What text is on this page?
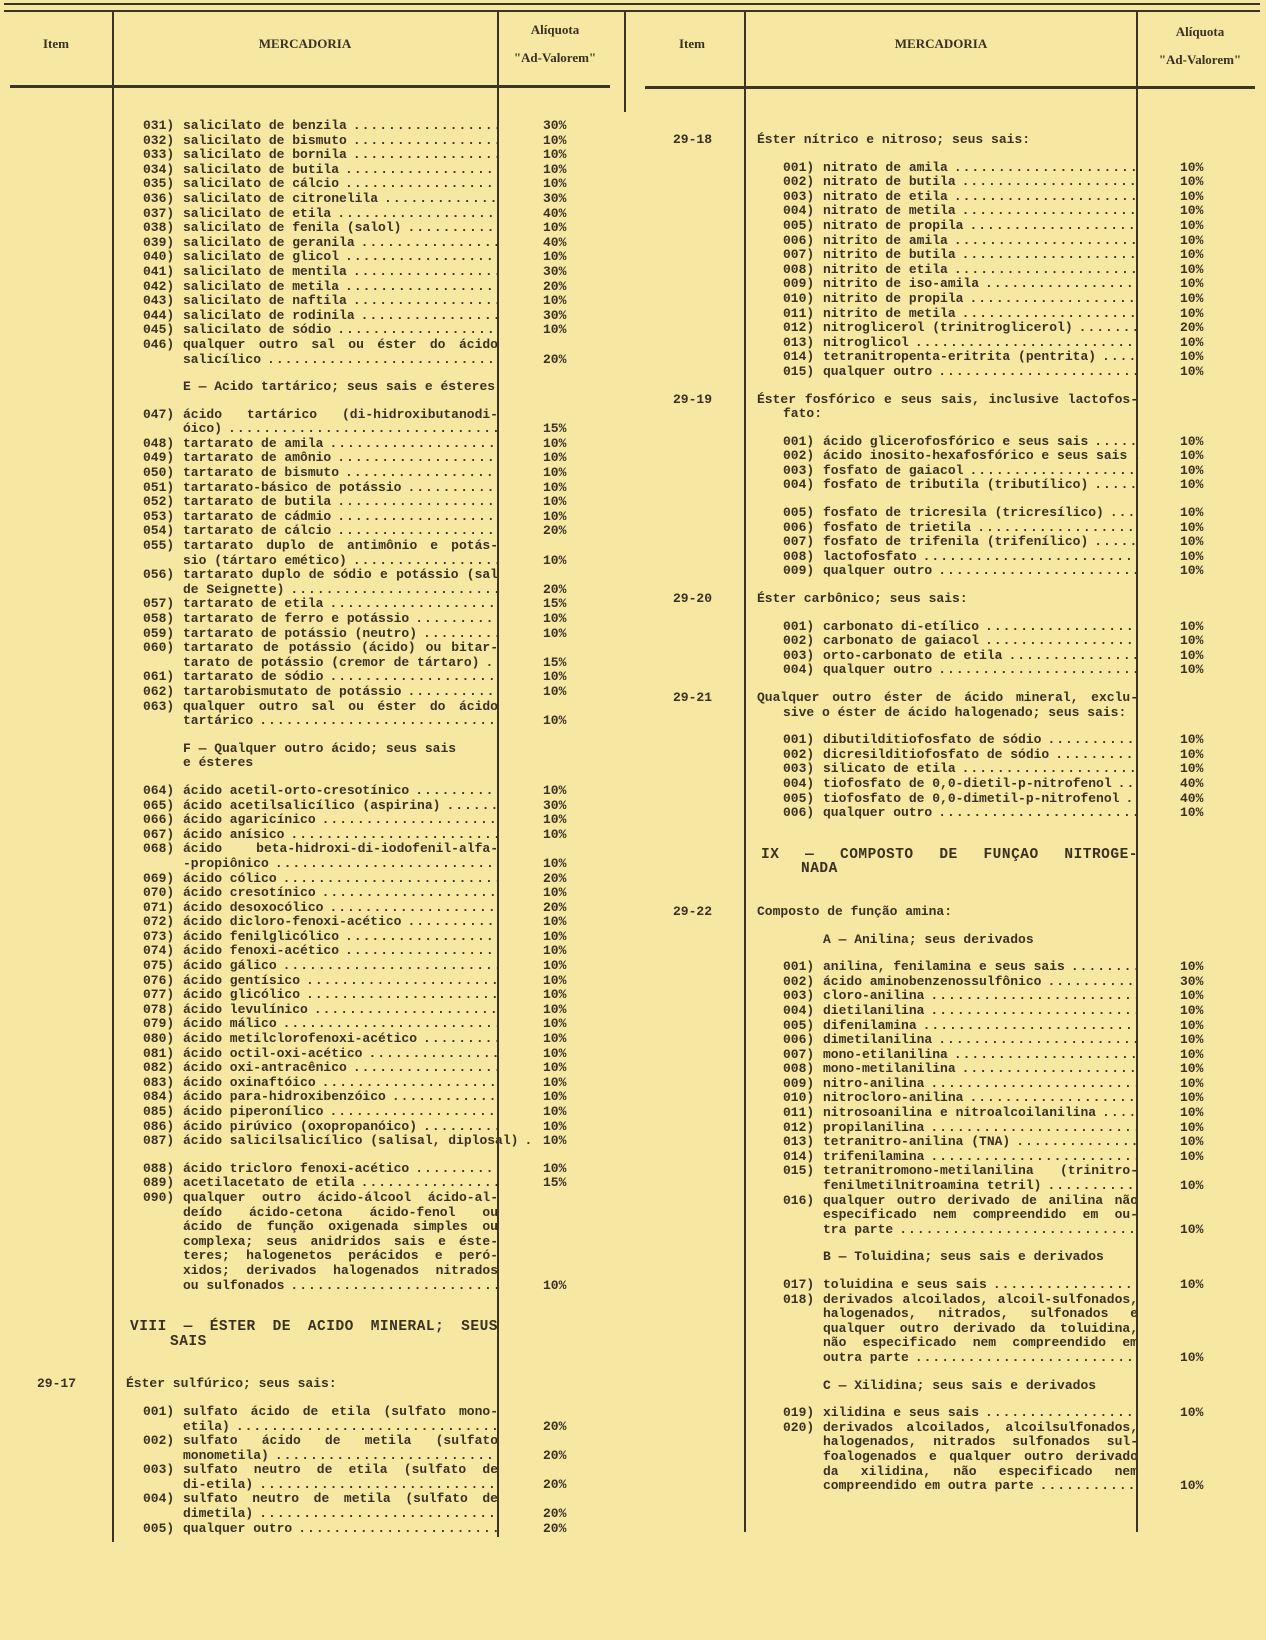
Item	MERCADORIA
Alíquota
"Ad-Valorem"
Item	MERCADORIA
Alíquota
"Ad-Valorem"
031) salicilato de benzila .....	30%
032) salicilato de bismuto .....	10%
033) salicilato de bornila .....	10%
034) salicilato de butila .....	10%
035) salicilato de cálcio .....	10%
036) salicilato de citronelila .....	30%
037) salicilato de etila .....	40%
038) salicilato de fenila (salol) .....	10%
039) salicilato de geranila .....	40%
040) salicilato de glicol .....	10%
041) salicilato de mentila .....	30%
042) salicilato de metila .....	20%
043) salicilato de naftila .....	10%
044) salicilato de rodinila .....	30%
045) salicilato de sódio .....	10%
046) qualquer outro sal ou éster do ácido
salicílico .....	20%
E — Acido tartárico; seus sais e ésteres
047) ácido tartárico (di-hidroxibutanodi-
óico) .....	15%
048) tartarato de amila .....	10%
049) tartarato de amônio .....	10%
050) tartarato de bismuto .....	10%
051) tartarato-básico de potássio .....	10%
052) tartarato de butila .....	10%
053) tartarato de cádmio .....	10%
054) tartarato de cálcio .....	20%
055) tartarato duplo de antimônio e potás-
sio (tártaro emético) .....	10%
056) tartarato duplo de sódio e potássio (sal
de Seignette) .....	20%
057) tartarato de etila .....	15%
058) tartarato de ferro e potássio .....	10%
059) tartarato de potássio (neutro) .....	10%
060) tartarato de potássio (ácido) ou bitar-
tarato de potássio (cremor de tártaro) .....	15%
061) tartarato de sódio .....	10%
062) tartarobismutato de potássio .....	10%
063) qualquer outro sal ou éster do ácido
tartárico .....	10%
F — Qualquer outro ácido; seus sais
e ésteres
064) ácido acetil-orto-cresotínico .....	10%
065) ácido acetilsalicílico (aspirina) .....	30%
066) ácido agaricínico .....	10%
067) ácido anísico .....	10%
068) ácido beta-hidroxi-di-iodofenil-alfa-
-propiônico .....	10%
069) ácido cólico .....	20%
070) ácido cresotínico .....	10%
071) ácido desoxocólico .....	20%
072) ácido dicloro-fenoxi-acético .....	10%
073) ácido fenilglicólico .....	10%
074) ácido fenoxi-acético .....	10%
075) ácido gálico .....	10%
076) ácido gentísico .....	10%
077) ácido glicólico .....	10%
078) ácido levulínico .....	10%
079) ácido málico .....	10%
080) ácido metilclorofenoxi-acético .....	10%
081) ácido octil-oxi-acético .....	10%
082) ácido oxi-antracênico .....	10%
083) ácido oxinaftóico .....	10%
084) ácido para-hidroxibenzóico .....	10%
085) ácido piperonílico .....	10%
086) ácido pirúvico (oxopropanóico) .....	10%
087) ácido salicilsalicílico (salisal, diplosal) .....	10%
088) ácido tricloro fenoxi-acético .....	10%
089) acetilacetato de etila .....	15%
090) qualquer outro ácido-álcool ácido-al-
deído ácido-cetona ácido-fenol ou
ácido de função oxigenada simples ou
complexa; seus anidridos sais e éste-
teres; halogenetos perácidos e peró-
xidos; derivados halogenados nitrados
ou sulfonados .....	10%
VIII — ÉSTER DE ACIDO MINERAL; SEUS
SAIS
29-17	Éster sulfúrico; seus sais:
001) sulfato ácido de etila (sulfato mono-
etila) .....	20%
002) sulfato ácido de metila (sulfato
monometila) .....	20%
003) sulfato neutro de etila (sulfato de
di-etila) .....	20%
004) sulfato neutro de metila (sulfato de
dimetila) .....	20%
005) qualquer outro .....	20%
29-18	Éster nítrico e nitroso; seus sais:
001) nitrato de amila .....	10%
002) nitrato de butila .....	10%
003) nitrato de etila .....	10%
004) nitrato de metila .....	10%
005) nitrato de propila .....	10%
006) nitrito de amila .....	10%
007) nitrito de butila .....	10%
008) nitrito de etila .....	10%
009) nitrito de iso-amila .....	10%
010) nitrito de propila .....	10%
011) nitrito de metila .....	10%
012) nitroglicerol (trinitroglicerol) .....	20%
013) nitroglicol .....	10%
014) tetranitropenta-eritrita (pentrita) .....	10%
015) qualquer outro .....	10%
29-19	Éster fosfórico e seus sais, inclusive lactofos-
fato:
001) ácido glicerofosfórico e seus sais .....	10%
002) ácido inosito-hexafosfórico e seus sais .....	10%
003) fosfato de gaiacol .....	10%
004) fosfato de tributila (tributílico) .....	10%
005) fosfato de tricresila (tricresílico) .....	10%
006) fosfato de trietila .....	10%
007) fosfato de trifenila (trifenílico) .....	10%
008) lactofosfato .....	10%
009) qualquer outro .....	10%
29-20	Éster carbônico; seus sais:
001) carbonato di-etílico .....	10%
002) carbonato de gaiacol .....	10%
003) orto-carbonato de etila .....	10%
004) qualquer outro .....	10%
29-21	Qualquer outro éster de ácido mineral, exclu-
sive o éster de ácido halogenado; seus sais:
001) dibutilditiofosfato de sódio .....	10%
002) dicresilditiofosfato de sódio .....	10%
003) silicato de etila .....	10%
004) tiofosfato de 0,0-dietil-p-nitrofenol .....	40%
005) tiofosfato de 0,0-dimetil-p-nitrofenol .....	40%
006) qualquer outro .....	10%
IX — COMPOSTO DE FUNÇAO NITROGE-
NADA
29-22	Composto de função amina:
A — Anilina; seus derivados
001) anilina, fenilamina e seus sais .....	10%
002) ácido aminobenzenossulfônico .....	30%
003) cloro-anilina .....	10%
004) dietilanilina .....	10%
005) difenilamina .....	10%
006) dimetilanilina .....	10%
007) mono-etilanilina .....	10%
008) mono-metilanilina .....	10%
009) nitro-anilina .....	10%
010) nitrocloro-anilina .....	10%
011) nitrosoanilina e nitroalcoilanilina .....	10%
012) propilanilina .....	10%
013) tetranitro-anilina (TNA) .....	10%
014) trifenilamina .....	10%
015) tetranitromono-metilanilina (trinitro-
fenilmetilnitroamina tetril) .....	10%
016) qualquer outro derivado de anilina não
especificado nem compreendido em ou-
tra parte .....	10%
B — Toluidina; seus sais e derivados
017) toluidina e seus sais .....	10%
018) derivados alcoilados, alcoil-sulfonados,
halogenados, nitrados, sulfonados e
qualquer outro derivado da toluidina,
não especificado nem compreendido em
outra parte .....	10%
C — Xilidina; seus sais e derivados
019) xilidina e seus sais .....	10%
020) derivados alcoilados, alcoilsulfonados,
halogenados, nitrados sulfonados sul-
foalogenados e qualquer outro derivado
da xilidina, não especificado nem
compreendido em outra parte .....	10%
